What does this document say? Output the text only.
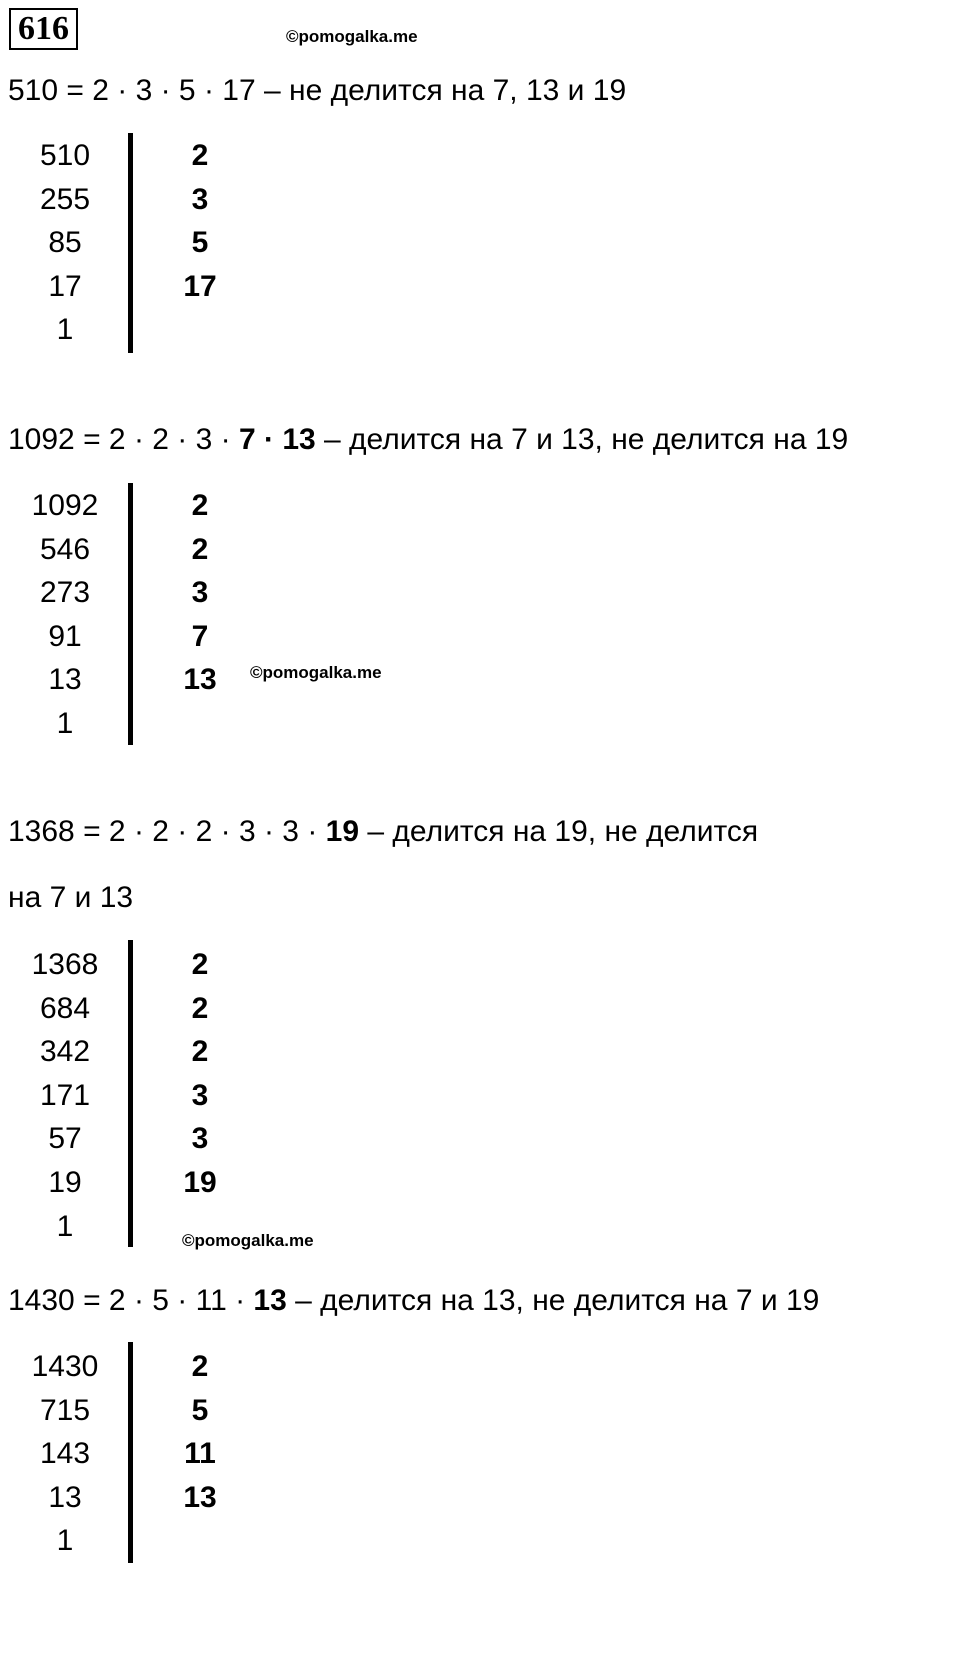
616	©pomogalka.me
©pomogalka.me
©pomogalka.me
510 = 2 · 3 · 5 · 17 – не делится на 7, 13 и 19
510	2
255	3
85	5
17	17
1
1092 = 2 · 2 · 3 · 7 · 13 – делится на 7 и 13, не делится на 19
1092	2
546	2
273	3
91	7
13	13
1
1368 = 2 · 2 · 2 · 3 · 3 · 19 – делится на 19, не делится
на 7 и 13
1368	2
684	2
342	2
171	3
57	3
19	19
1
1430 = 2 · 5 · 11 · 13 – делится на 13, не делится на 7 и 19
1430	2
715	5
143	11
13	13
1
